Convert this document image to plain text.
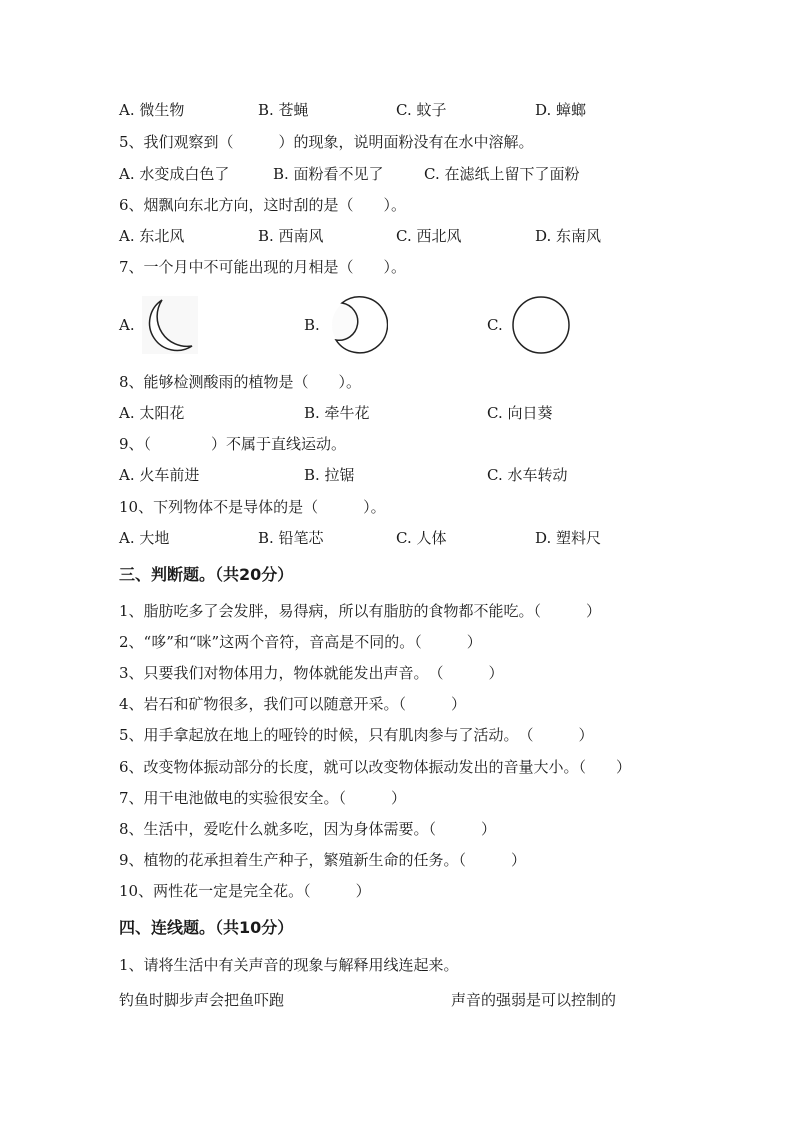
A. 微生物	B. 苍蝇	C. 蚊子	D. 蟑螂
5、我们观察到（　　　）的现象，说明面粉没有在水中溶解。
A. 水变成白色了	B. 面粉看不见了	C. 在滤纸上留下了面粉
6、烟飘向东北方向，这时刮的是（　　）。
A. 东北风	B. 西南风	C. 西北风	D. 东南风
7、一个月中不可能出现的月相是（　　）。
A.	B.	C.
8、能够检测酸雨的植物是（　　）。
A. 太阳花	B. 牵牛花	C. 向日葵
9、（　　　　）不属于直线运动。
A. 火车前进	B. 拉锯	C. 水车转动
10、下列物体不是导体的是（　　　）。
A. 大地	B. 铅笔芯	C. 人体	D. 塑料尺
三、判断题。（共20分）
1、脂肪吃多了会发胖，易得病，所以有脂肪的食物都不能吃。（　　　）
2、“哆”和“咪”这两个音符，音高是不同的。（　　　）
3、只要我们对物体用力，物体就能发出声音。　（　　　）
4、岩石和矿物很多，我们可以随意开采。（　　　）
5、用手拿起放在地上的哑铃的时候，只有肌肉参与了活动。　（　　　）
6、改变物体振动部分的长度，就可以改变物体振动发出的音量大小。（　　）
7、用干电池做电的实验很安全。（　　　）
8、生活中，爱吃什么就多吃，因为身体需要。（　　　）
9、植物的花承担着生产种子，繁殖新生命的任务。（　　　）
10、两性花一定是完全花。（　　　）
四、连线题。（共10分）
1、请将生活中有关声音的现象与解释用线连起来。
钓鱼时脚步声会把鱼吓跑	声音的强弱是可以控制的
